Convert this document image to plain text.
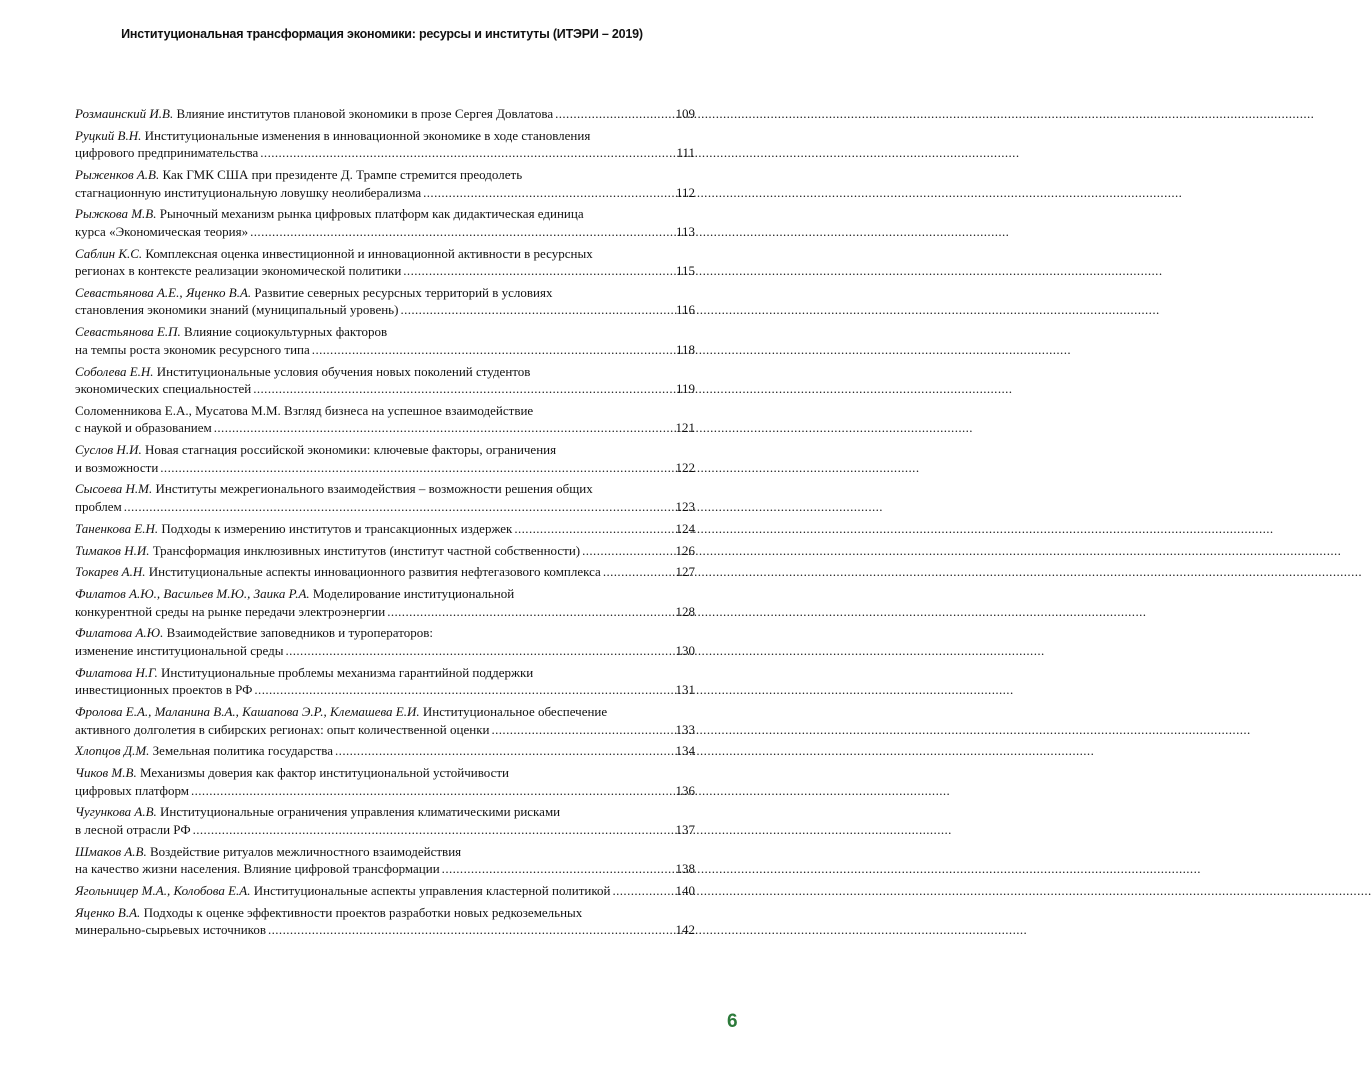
Институциональная трансформация экономики: ресурсы и институты (ИТЭРИ – 2019)
Розмаинский И.В. Влияние институтов плановой экономики в прозе Сергея Довлатова .....	109
Руцкий В.Н. Институциональные изменения в инновационной экономике в ходе становления
цифрового предпринимательства .....	111
Рыженков А.В. Как ГМК США при президенте Д. Трампе стремится преодолеть
стагнационную институциональную ловушку неолиберализма .....	112
Рыжкова М.В. Рыночный механизм рынка цифровых платформ как дидактическая единица
курса «Экономическая теория» .....	113
Саблин К.С. Комплексная оценка инвестиционной и инновационной активности в ресурсных
регионах в контексте реализации экономической политики .....	115
Севастьянова А.Е., Яценко В.А. Развитие северных ресурсных территорий в условиях
становления экономики знаний (муниципальный уровень) .....	116
Севастьянова Е.П. Влияние социокультурных факторов
на темпы роста экономик ресурсного типа .....	118
Соболева Е.Н. Институциональные условия обучения новых поколений студентов
экономических специальностей .....	119
Соломенникова Е.А., Мусатова М.М. Взгляд бизнеса на успешное взаимодействие
с наукой и образованием .....	121
Суслов Н.И. Новая стагнация российской экономики: ключевые факторы, ограничения
и возможности .....	122
Сысоева Н.М. Институты межрегионального взаимодействия – возможности решения общих
проблем .....	123
Таненкова Е.Н. Подходы к измерению институтов и трансакционных издержек .....	124
Тимаков Н.И. Трансформация инклюзивных институтов (институт частной собственности) .....	126
Токарев А.Н. Институциональные аспекты инновационного развития нефтегазового комплекса .....	127
Филатов А.Ю., Васильев М.Ю., Заика Р.А. Моделирование институциональной
конкурентной среды на рынке передачи электроэнергии .....	128
Филатова А.Ю. Взаимодействие заповедников и туроператоров:
изменение институциональной среды .....	130
Филатова Н.Г. Институциональные проблемы механизма гарантийной поддержки
инвестиционных проектов в РФ .....	131
Фролова Е.А., Маланина В.А., Кашапова Э.Р., Клемашева Е.И. Институциональное обеспечение
активного долголетия в сибирских регионах: опыт количественной оценки .....	133
Хлопцов Д.М. Земельная политика государства .....	134
Чиков М.В. Механизмы доверия как фактор институциональной устойчивости
цифровых платформ .....	136
Чугункова А.В. Институциональные ограничения управления климатическими рисками
в лесной отрасли РФ .....	137
Шмаков А.В. Воздействие ритуалов межличностного взаимодействия
на качество жизни населения. Влияние цифровой трансформации .....	138
Ягольницер М.А., Колобова Е.А. Институциональные аспекты управления кластерной политикой .....	140
Яценко В.А. Подходы к оценке эффективности проектов разработки новых редкоземельных
минерально-сырьевых источников .....	142
6
